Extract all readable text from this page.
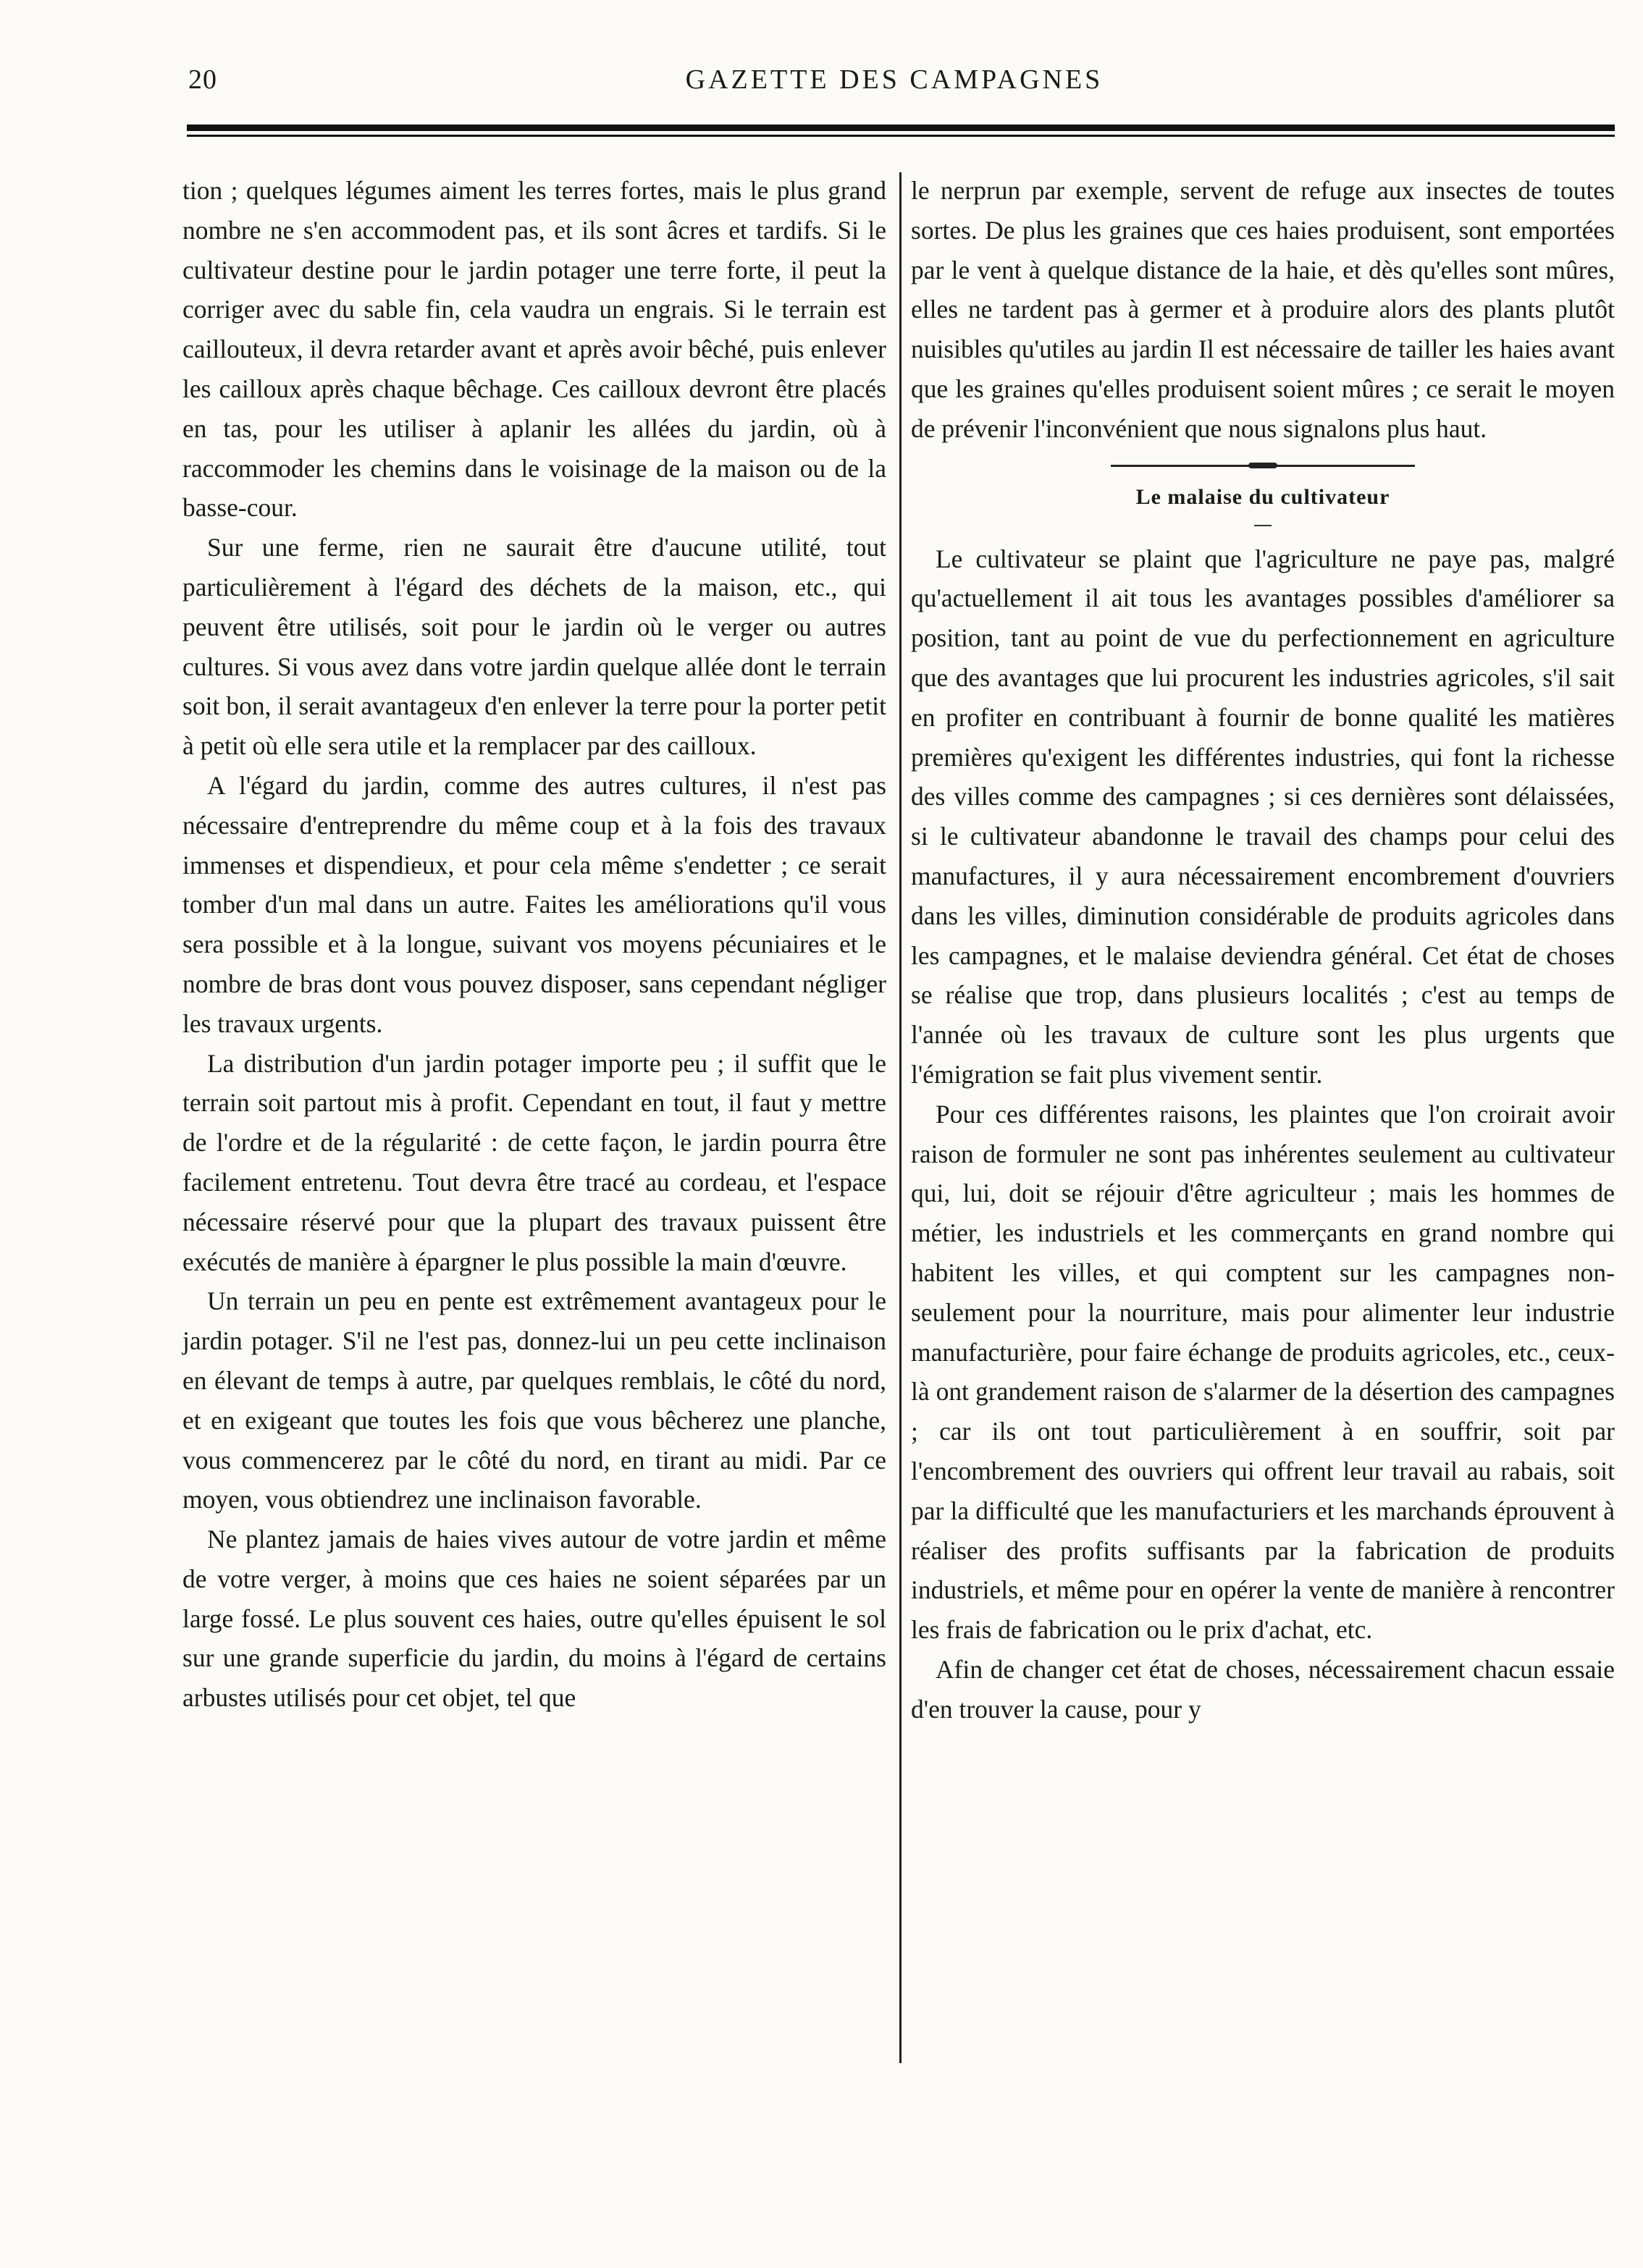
20	GAZETTE DES CAMPAGNES

tion ; quelques légumes aiment les terres fortes, mais le plus grand nombre ne s'en accommodent pas, et ils sont âcres et tardifs. Si le cultivateur destine pour le jardin potager une terre forte, il peut la corriger avec du sable fin, cela vaudra un engrais. Si le terrain est caillouteux, il devra retarder avant et après avoir bêché, puis enlever les cailloux après chaque bêchage. Ces cailloux devront être placés en tas, pour les utiliser à aplanir les allées du jardin, où à raccommoder les chemins dans le voisinage de la maison ou de la basse-cour.

Sur une ferme, rien ne saurait être d'aucune utilité, tout particulièrement à l'égard des déchets de la maison, etc., qui peuvent être utilisés, soit pour le jardin où le verger ou autres cultures. Si vous avez dans votre jardin quelque allée dont le terrain soit bon, il serait avantageux d'en enlever la terre pour la porter petit à petit où elle sera utile et la remplacer par des cailloux.

A l'égard du jardin, comme des autres cultures, il n'est pas nécessaire d'entreprendre du même coup et à la fois des travaux immenses et dispendieux, et pour cela même s'endetter ; ce serait tomber d'un mal dans un autre. Faites les améliorations qu'il vous sera possible et à la longue, suivant vos moyens pécuniaires et le nombre de bras dont vous pouvez disposer, sans cependant négliger les travaux urgents.

La distribution d'un jardin potager importe peu ; il suffit que le terrain soit partout mis à profit. Cependant en tout, il faut y mettre de l'ordre et de la régularité : de cette façon, le jardin pourra être facilement entretenu. Tout devra être tracé au cordeau, et l'espace nécessaire réservé pour que la plupart des travaux puissent être exécutés de manière à épargner le plus possible la main d'œuvre.

Un terrain un peu en pente est extrêmement avantageux pour le jardin potager. S'il ne l'est pas, donnez-lui un peu cette inclinaison en élevant de temps à autre, par quelques remblais, le côté du nord, et en exigeant que toutes les fois que vous bêcherez une planche, vous commencerez par le côté du nord, en tirant au midi. Par ce moyen, vous obtiendrez une inclinaison favorable.

Ne plantez jamais de haies vives autour de votre jardin et même de votre verger, à moins que ces haies ne soient séparées par un large fossé. Le plus souvent ces haies, outre qu'elles épuisent le sol sur une grande superficie du jardin, du moins à l'égard de certains arbustes utilisés pour cet objet, tel que

le nerprun par exemple, servent de refuge aux insectes de toutes sortes. De plus les graines que ces haies produisent, sont emportées par le vent à quelque distance de la haie, et dès qu'elles sont mûres, elles ne tardent pas à germer et à produire alors des plants plutôt nuisibles qu'utiles au jardin Il est nécessaire de tailler les haies avant que les graines qu'elles produisent soient mûres ; ce serait le moyen de prévenir l'inconvénient que nous signalons plus haut.

Le malaise du cultivateur

Le cultivateur se plaint que l'agriculture ne paye pas, malgré qu'actuellement il ait tous les avantages possibles d'améliorer sa position, tant au point de vue du perfectionnement en agriculture que des avantages que lui procurent les industries agricoles, s'il sait en profiter en contribuant à fournir de bonne qualité les matières premières qu'exigent les différentes industries, qui font la richesse des villes comme des campagnes ; si ces dernières sont délaissées, si le cultivateur abandonne le travail des champs pour celui des manufactures, il y aura nécessairement encombrement d'ouvriers dans les villes, diminution considérable de produits agricoles dans les campagnes, et le malaise deviendra général. Cet état de choses se réalise que trop, dans plusieurs localités ; c'est au temps de l'année où les travaux de culture sont les plus urgents que l'émigration se fait plus vivement sentir.

Pour ces différentes raisons, les plaintes que l'on croirait avoir raison de formuler ne sont pas inhérentes seulement au cultivateur qui, lui, doit se réjouir d'être agriculteur ; mais les hommes de métier, les industriels et les commerçants en grand nombre qui habitent les villes, et qui comptent sur les campagnes non-seulement pour la nourriture, mais pour alimenter leur industrie manufacturière, pour faire échange de produits agricoles, etc., ceux-là ont grandement raison de s'alarmer de la désertion des campagnes ; car ils ont tout particulièrement à en souffrir, soit par l'encombrement des ouvriers qui offrent leur travail au rabais, soit par la difficulté que les manufacturiers et les marchands éprouvent à réaliser des profits suffisants par la fabrication de produits industriels, et même pour en opérer la vente de manière à rencontrer les frais de fabrication ou le prix d'achat, etc.

Afin de changer cet état de choses, nécessairement chacun essaie d'en trouver la cause, pour y
